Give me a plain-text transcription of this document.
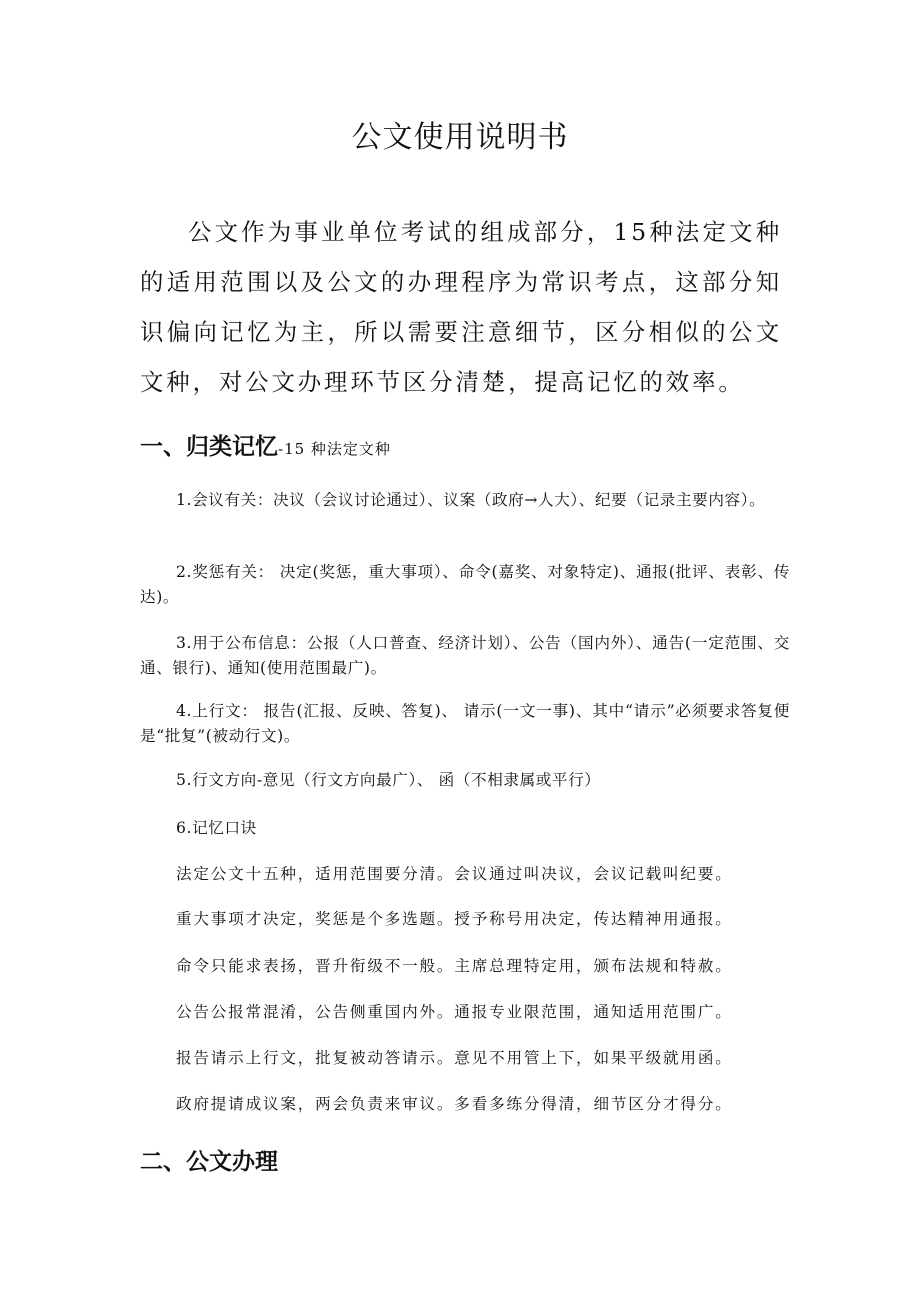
公文使用说明书
公文作为事业单位考试的组成部分，15种法定文种的适用范围以及公文的办理程序为常识考点，这部分知识偏向记忆为主，所以需要注意细节，区分相似的公文文种，对公文办理环节区分清楚，提高记忆的效率。
一、归类记忆-15 种法定文种
1.会议有关：决议（会议讨论通过）、议案（政府→人大）、纪要（记录主要内容）。
2.奖惩有关： 决定(奖惩，重大事项）、命令(嘉奖、对象特定)、通报(批评、表彰、传达)。
3.用于公布信息：公报（人口普查、经济计划）、公告（国内外）、通告(一定范围、交通、银行)、通知(使用范围最广)。
4.上行文： 报告(汇报、反映、答复)、 请示(一文一事)、其中“请示”必须要求答复便是“批复”(被动行文)。
5.行文方向-意见（行文方向最广）、 函（不相隶属或平行）
6.记忆口诀
法定公文十五种，适用范围要分清。会议通过叫决议，会议记载叫纪要。
重大事项才决定，奖惩是个多选题。授予称号用决定，传达精神用通报。
命令只能求表扬，晋升衔级不一般。主席总理特定用，颁布法规和特赦。
公告公报常混淆，公告侧重国内外。通报专业限范围，通知适用范围广。
报告请示上行文，批复被动答请示。意见不用管上下，如果平级就用函。
政府提请成议案，两会负责来审议。多看多练分得清，细节区分才得分。
二、公文办理
